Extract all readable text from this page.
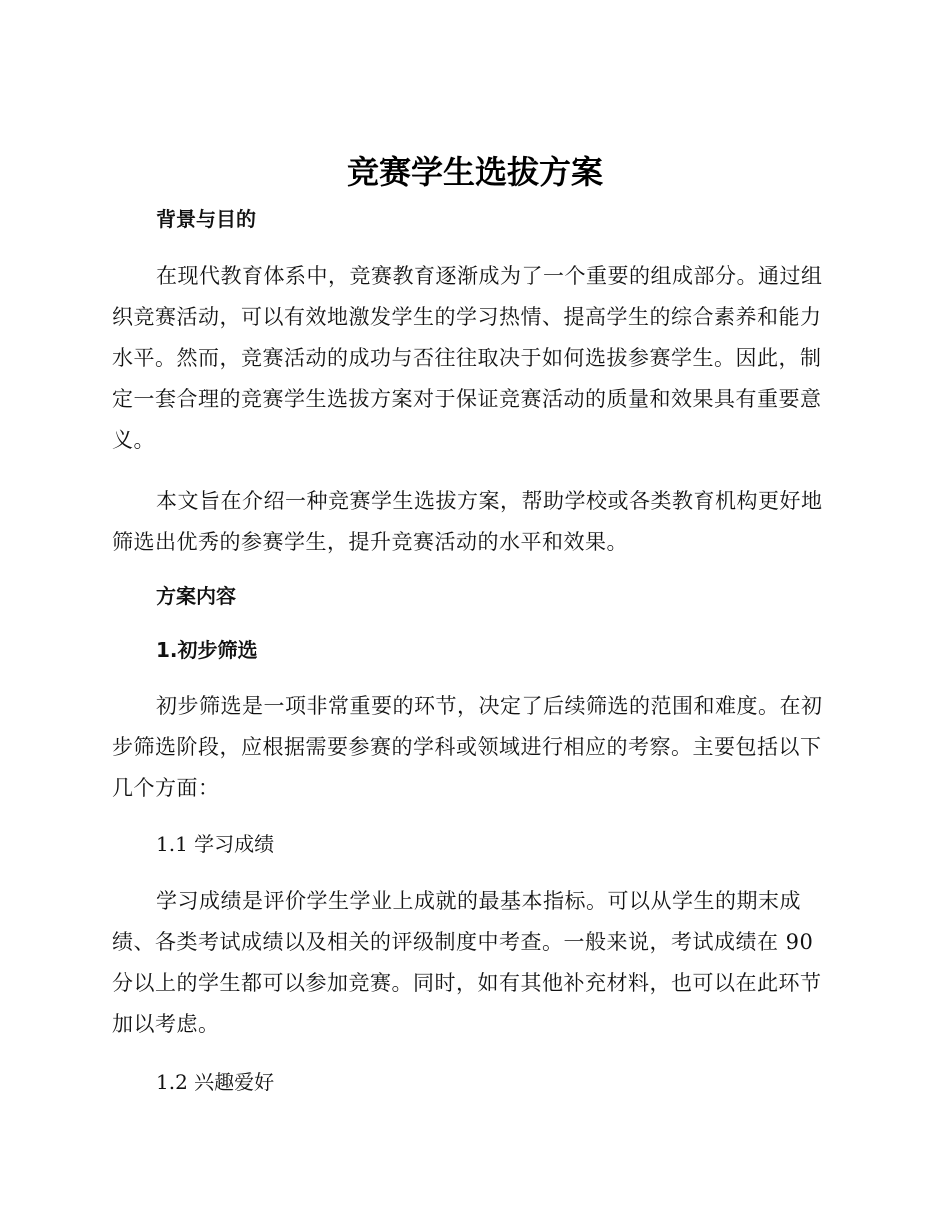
竞赛学生选拔方案
背景与目的
在现代教育体系中，竞赛教育逐渐成为了一个重要的组成部分。通过组织竞赛活动，可以有效地激发学生的学习热情、提高学生的综合素养和能力水平。然而，竞赛活动的成功与否往往取决于如何选拔参赛学生。因此，制定一套合理的竞赛学生选拔方案对于保证竞赛活动的质量和效果具有重要意义。
本文旨在介绍一种竞赛学生选拔方案，帮助学校或各类教育机构更好地筛选出优秀的参赛学生，提升竞赛活动的水平和效果。
方案内容
1.初步筛选
初步筛选是一项非常重要的环节，决定了后续筛选的范围和难度。在初步筛选阶段，应根据需要参赛的学科或领域进行相应的考察。主要包括以下几个方面：
1.1 学习成绩
学习成绩是评价学生学业上成就的最基本指标。可以从学生的期末成绩、各类考试成绩以及相关的评级制度中考查。一般来说，考试成绩在 90 分以上的学生都可以参加竞赛。同时，如有其他补充材料，也可以在此环节加以考虑。
1.2 兴趣爱好
